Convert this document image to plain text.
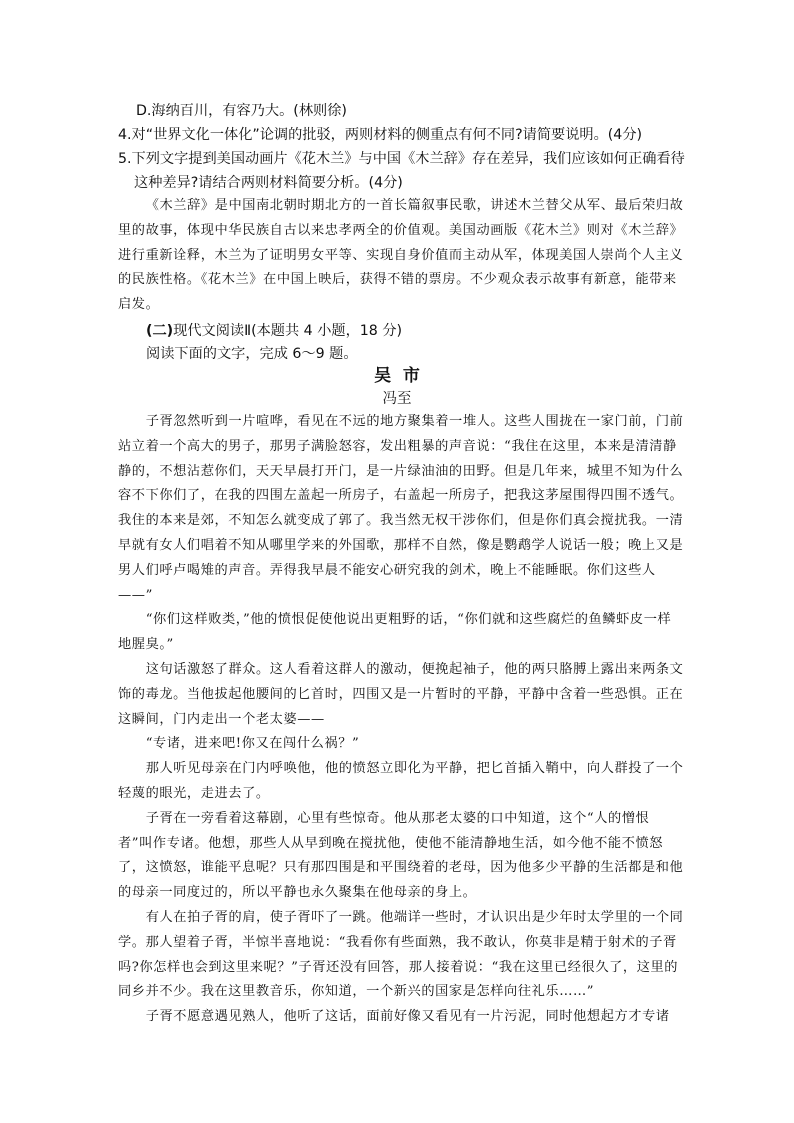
D.海纳百川，有容乃大。(林则徐)
4.对“世界文化一体化”论调的批驳，两则材料的侧重点有何不同?请简要说明。(4分)
5.下列文字提到美国动画片《花木兰》与中国《木兰辞》存在差异，我们应该如何正确看待
这种差异?请结合两则材料简要分析。(4分)
《木兰辞》是中国南北朝时期北方的一首长篇叙事民歌，讲述木兰替父从军、最后荣归故里的故事，体现中华民族自古以来忠孝两全的价值观。美国动画版《花木兰》则对《木兰辞》进行重新诠释，木兰为了证明男女平等、实现自身价值而主动从军，体现美国人崇尚个人主义的民族性格。《花木兰》在中国上映后，获得不错的票房。不少观众表示故事有新意，能带来启发。
(二)现代文阅读Ⅱ(本题共 4 小题，18 分)
阅读下面的文字，完成 6～9 题。
吴  市
冯至
子胥忽然听到一片喧哗，看见在不远的地方聚集着一堆人。这些人围拢在一家门前，门前站立着一个高大的男子，那男子满脸怒容，发出粗暴的声音说：“我住在这里，本来是清清静静的，不想沾惹你们，天天早晨打开门，是一片绿油油的田野。但是几年来，城里不知为什么容不下你们了，在我的四围左盖起一所房子，右盖起一所房子，把我这茅屋围得四围不透气。我住的本来是郊，不知怎么就变成了郭了。我当然无权干涉你们，但是你们真会搅扰我。一清早就有女人们唱着不知从哪里学来的外国歌，那样不自然，像是鹦鹉学人说话一般；晚上又是男人们呼卢喝雉的声音。弄得我早晨不能安心研究我的剑术，晚上不能睡眠。你们这些人——”
“你们这样败类，”他的愤恨促使他说出更粗野的话，“你们就和这些腐烂的鱼鳞虾皮一样地腥臭。”
这句话激怒了群众。这人看着这群人的激动，便挽起袖子，他的两只胳膊上露出来两条文饰的毒龙。当他拔起他腰间的匕首时，四围又是一片暂时的平静，平静中含着一些恐惧。正在这瞬间，门内走出一个老太婆——
“专诸，进来吧!你又在闯什么祸？”
那人听见母亲在门内呼唤他，他的愤怒立即化为平静，把匕首插入鞘中，向人群投了一个轻蔑的眼光，走进去了。
子胥在一旁看着这幕剧，心里有些惊奇。他从那老太婆的口中知道，这个“人的憎恨者”叫作专诸。他想，那些人从早到晚在搅扰他，使他不能清静地生活，如今他不能不愤怒了，这愤怒，谁能平息呢？只有那四围是和平围绕着的老母，因为他多少平静的生活都是和他的母亲一同度过的，所以平静也永久聚集在他母亲的身上。
有人在拍子胥的肩，使子胥吓了一跳。他端详一些时，才认识出是少年时太学里的一个同学。那人望着子胥，半惊半喜地说：“我看你有些面熟，我不敢认，你莫非是精于射术的子胥吗?你怎样也会到这里来呢？”子胥还没有回答，那人接着说：“我在这里已经很久了，这里的同乡并不少。我在这里教音乐，你知道，一个新兴的国家是怎样向往礼乐……”
子胥不愿意遇见熟人，他听了这话，面前好像又看见有一片污泥，同时他想起方才专诸
